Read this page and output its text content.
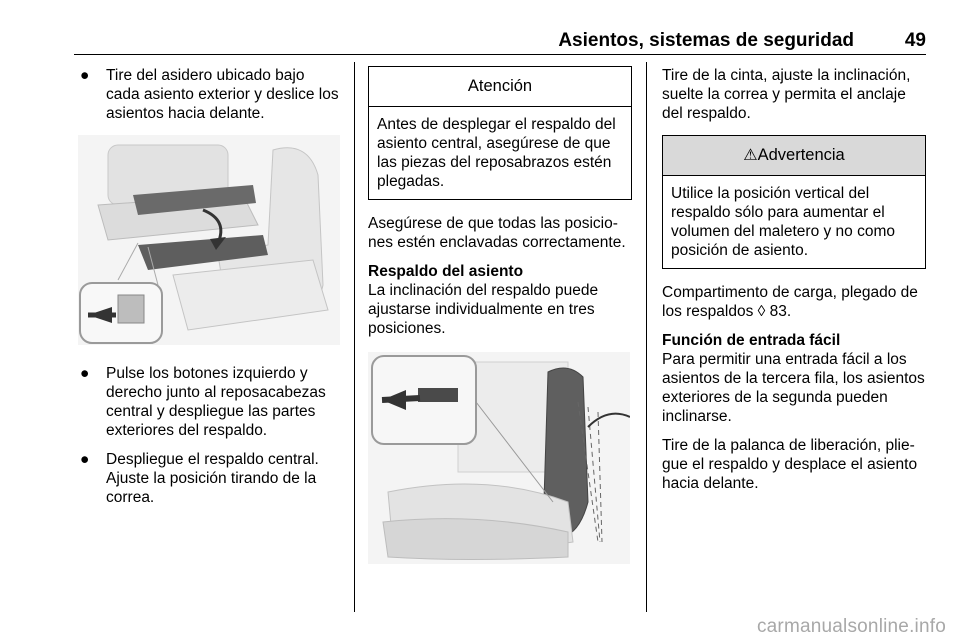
Asientos, sistemas de seguridad	49
● Tire del asidero ubicado bajo cada asiento exterior y deslice los asientos hacia delante.

● Pulse los botones izquierdo y derecho junto al reposacabezas central y despliegue las partes exteriores del respaldo.

● Despliegue el respaldo central. Ajuste la posición tirando de la correa.

Atención
Antes de desplegar el respaldo del asiento central, asegúrese de que las piezas del reposabrazos estén plegadas.

Asegúrese de que todas las posiciones estén enclavadas correctamente.

Respaldo del asiento

La inclinación del respaldo puede ajustarse individualmente en tres posiciones.

Tire de la cinta, ajuste la inclinación, suelte la correa y permita el anclaje del respaldo.

⚠Advertencia
Utilice la posición vertical del respaldo sólo para aumentar el volumen del maletero y no como posición de asiento.

Compartimento de carga, plegado de los respaldos ◊ 83.

Función de entrada fácil

Para permitir una entrada fácil a los asientos de la tercera fila, los asientos exteriores de la segunda pueden inclinarse.

Tire de la palanca de liberación, pliegue el respaldo y desplace el asiento hacia delante.

carmanualsonline.info
